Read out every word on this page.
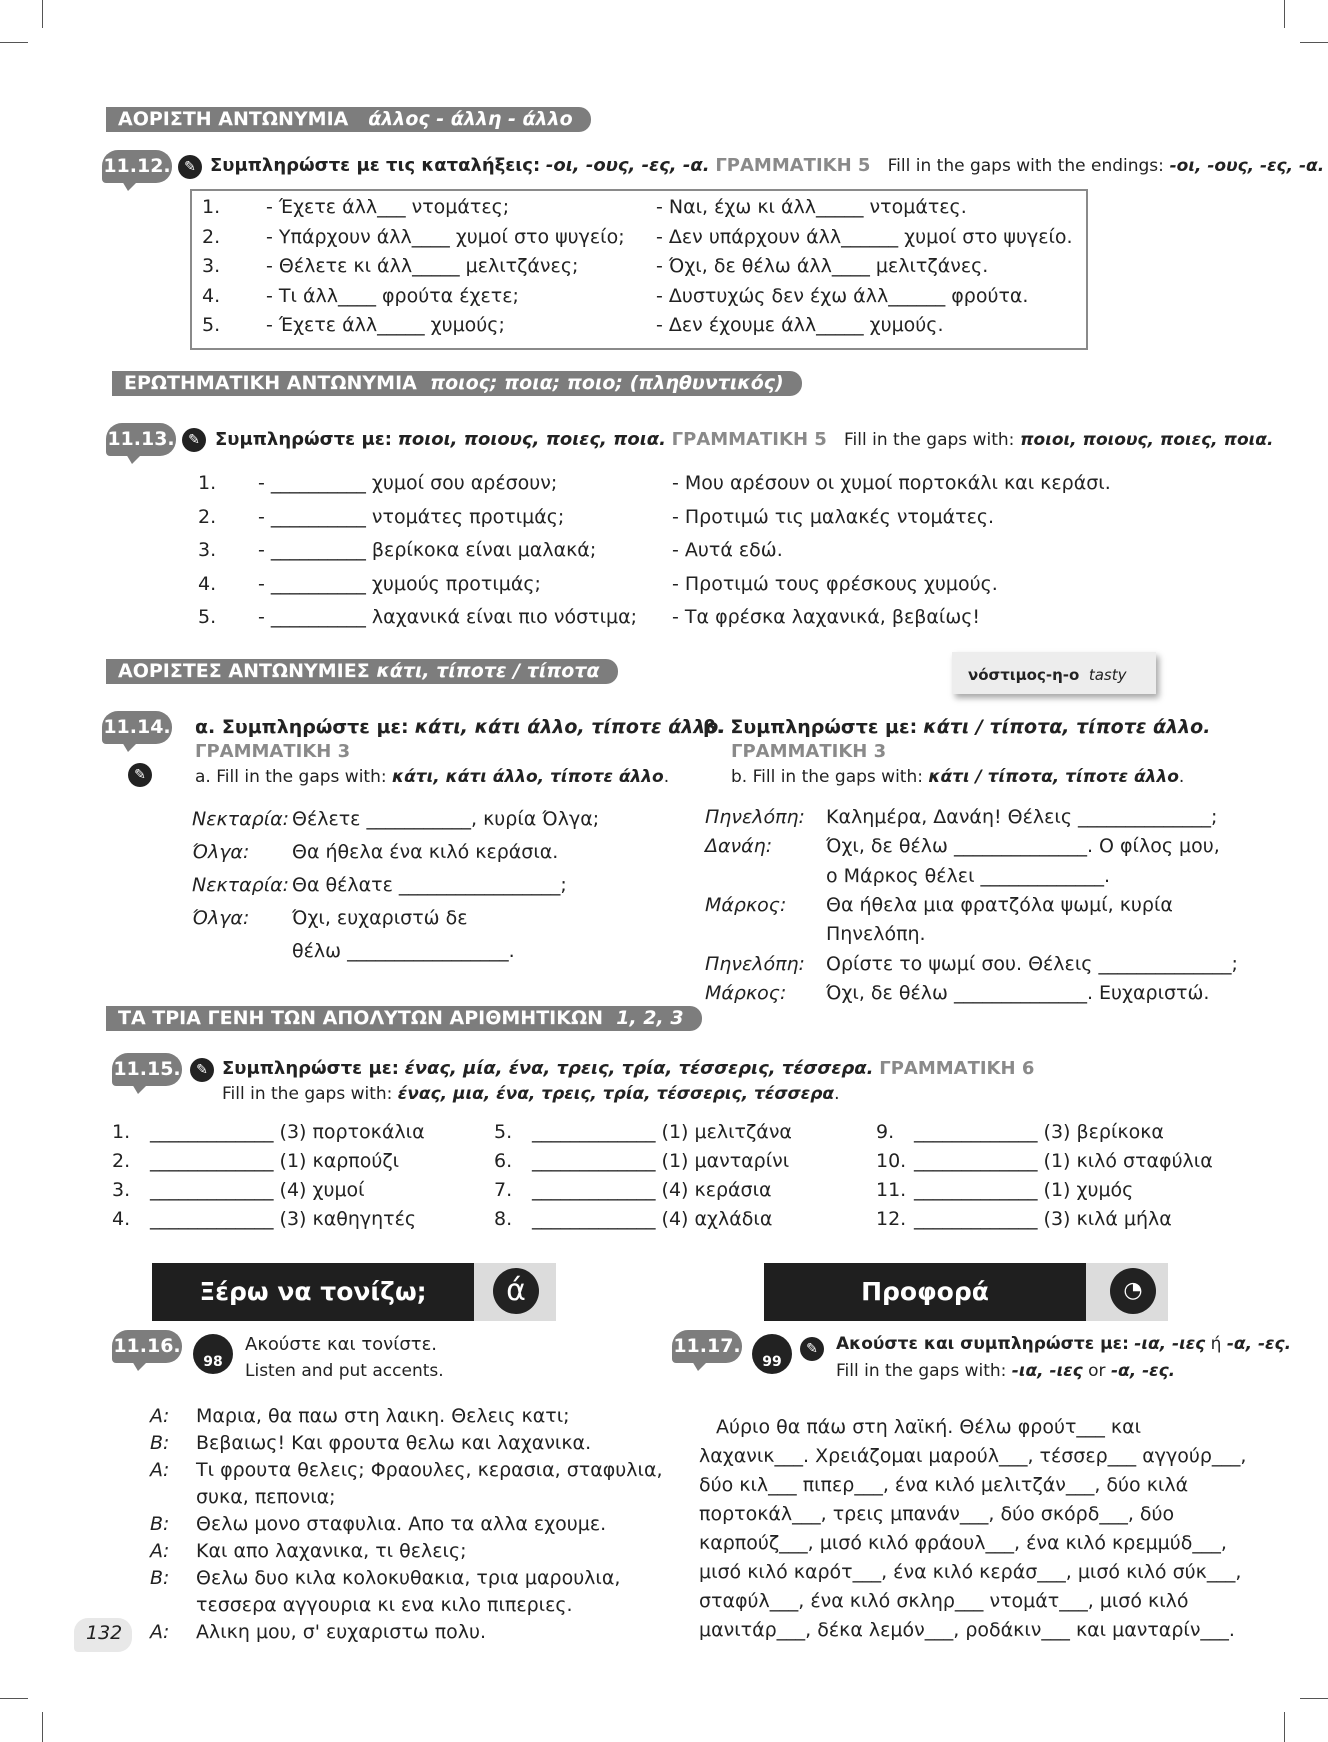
ΑΟΡΙΣΤΗ ΑΝΤΩΝΥΜΙΑ άλλος - άλλη - άλλο
11.12. ✎ Συμπληρώστε με τις καταλήξεις: -οι, -ους, -ες, -α. ΓΡΑΜΜΑΤΙΚΗ 5 Fill in the gaps with the endings: -οι, -ους, -ες, -α.
1. - Έχετε άλλ___ ντομάτες;	- Ναι, έχω κι άλλ_____ ντομάτες.
2. - Υπάρχουν άλλ____ χυμοί στο ψυγείο; - Δεν υπάρχουν άλλ______ χυμοί στο ψυγείο.
3. - Θέλετε κι άλλ_____ μελιτζάνες;	- Όχι, δε θέλω άλλ____ μελιτζάνες.
4. - Τι άλλ____ φρούτα έχετε;	- Δυστυχώς δεν έχω άλλ______ φρούτα.
5. - Έχετε άλλ_____ χυμούς;	- Δεν έχουμε άλλ_____ χυμούς.
ΕΡΩΤΗΜΑΤΙΚΗ ΑΝΤΩΝΥΜΙΑ ποιος; ποια; ποιο; (πληθυντικός)
11.13. ✎ Συμπληρώστε με: ποιοι, ποιους, ποιες, ποια. ΓΡΑΜΜΑΤΙΚΗ 5 Fill in the gaps with: ποιοι, ποιους, ποιες, ποια.
1. - __________ χυμοί σου αρέσουν;	- Μου αρέσουν οι χυμοί πορτοκάλι και κεράσι.
2. - __________ ντομάτες προτιμάς;	- Προτιμώ τις μαλακές ντομάτες.
3. - __________ βερίκοκα είναι μαλακά;	- Αυτά εδώ.
4. - __________ χυμούς προτιμάς;	- Προτιμώ τους φρέσκους χυμούς.
5. - __________ λαχανικά είναι πιο νόστιμα; - Τα φρέσκα λαχανικά, βεβαίως!
ΑΟΡΙΣΤΕΣ ΑΝΤΩΝΥΜΙΕΣ κάτι, τίποτε / τίποτα	νόστιμος-η-ο tasty
11.14.
✎
α. Συμπληρώστε με: κάτι, κάτι άλλο, τίποτε άλλο.
ΓΡΑΜΜΑΤΙΚΗ 3
a. Fill in the gaps with: κάτι, κάτι άλλο, τίποτε άλλο.
β. Συμπληρώστε με: κάτι / τίποτα, τίποτε άλλο.
ΓΡΑΜΜΑΤΙΚΗ 3
b. Fill in the gaps with: κάτι / τίποτα, τίποτε άλλο.
Νεκταρία: Θέλετε ___________, κυρία Όλγα;
Όλγα: Θα ήθελα ένα κιλό κεράσια.
Νεκταρία: Θα θέλατε _________________;
Όλγα: Όχι, ευχαριστώ δε
θέλω _________________.
Πηνελόπη: Καλημέρα, Δανάη! Θέλεις ______________;
Δανάη:	Όχι, δε θέλω ______________. Ο φίλος μου,
ο Μάρκος θέλει _____________.
Μάρκος: Θα ήθελα μια φρατζόλα ψωμί, κυρία
Πηνελόπη.
Πηνελόπη: Ορίστε το ψωμί σου. Θέλεις ______________;
Μάρκος: Όχι, δε θέλω ______________. Ευχαριστώ.
ΤΑ ΤΡΙΑ ΓΕΝΗ ΤΩΝ ΑΠΟΛΥΤΩΝ ΑΡΙΘΜΗΤΙΚΩΝ 1, 2, 3
11.15.	✎ Συμπληρώστε με: ένας, μία, ένα, τρεις, τρία, τέσσερις, τέσσερα. ΓΡΑΜΜΑΤΙΚΗ 6
Fill in the gaps with: ένας, μια, ένα, τρεις, τρία, τέσσερις, τέσσερα.
1. _____________ (3) πορτοκάλια
2. _____________ (1) καρπούζι
3. _____________ (4) χυμοί
4. _____________ (3) καθηγητές
5. _____________ (1) μελιτζάνα
6. _____________ (1) μανταρίνι
7. _____________ (4) κεράσια
8. _____________ (4) αχλάδια
9. _____________ (3) βερίκοκα
10. _____________ (1) κιλό σταφύλια
11. _____________ (1) χυμός
12. _____________ (3) κιλά μήλα
Ξέρω να τονίζω;	ά	Προφορά	◔
11.16.
98
Ακούστε και τονίστε.
Listen and put accents.
Α: Μαρια, θα παω στη λαικη. Θελεις κατι;
Β: Βεβαιως! Και φρουτα θελω και λαχανικα.
Α: Τι φρουτα θελεις; Φραουλες, κερασια, σταφυλια,
συκα, πεπονια;
Β: Θελω μονο σταφυλια. Απο τα αλλα εχουμε.
Α: Και απο λαχανικα, τι θελεις;
Β: Θελω δυο κιλα κολοκυθακια, τρια μαρουλια,
τεσσερα αγγουρια κι ενα κιλο πιπεριες.
Α: Αλικη μου, σ' ευχαριστω πολυ.
11.17.
99
✎	Ακούστε και συμπληρώστε με: -ια, -ιες ή -α, -ες.
Fill in the gaps with: -ια, -ιες or -α, -ες.
Αύριο θα πάω στη λαϊκή. Θέλω φρούτ___ και
λαχανικ___. Χρειάζομαι μαρούλ___, τέσσερ___ αγγούρ___,
δύο κιλ___ πιπερ___, ένα κιλό μελιτζάν___, δύο κιλά
πορτοκάλ___, τρεις μπανάν___, δύο σκόρδ___, δύο
καρπούζ___, μισό κιλό φράουλ___, ένα κιλό κρεμμύδ___,
μισό κιλό καρότ___, ένα κιλό κεράσ___, μισό κιλό σύκ___,
σταφύλ___, ένα κιλό σκληρ___ ντομάτ___, μισό κιλό
μανιτάρ___, δέκα λεμόν___, ροδάκιν___ και μανταρίν___.
132
